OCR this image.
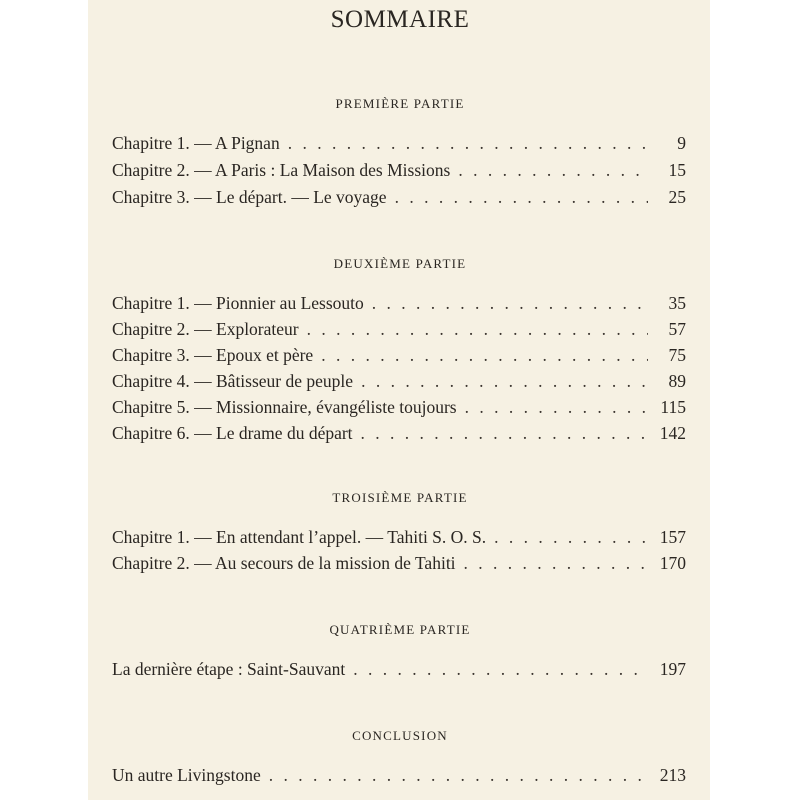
SOMMAIRE
PREMIÈRE PARTIE
Chapitre 1. — A Pignan . . .	9
Chapitre 2. — A Paris : La Maison des Missions . . .	15
Chapitre 3. — Le départ. — Le voyage . . .	25
DEUXIÈME PARTIE
Chapitre 1. — Pionnier au Lessouto . . .	35
Chapitre 2. — Explorateur . . .	57
Chapitre 3. — Epoux et père . . .	75
Chapitre 4. — Bâtisseur de peuple . . .	89
Chapitre 5. — Missionnaire, évangéliste toujours . . .	115
Chapitre 6. — Le drame du départ . . .	142
TROISIÈME PARTIE
Chapitre 1. — En attendant l’appel. — Tahiti S. O. S. . . .	157
Chapitre 2. — Au secours de la mission de Tahiti . . .	170
QUATRIÈME PARTIE
La dernière étape : Saint-Sauvant . . .	197
CONCLUSION
Un autre Livingstone . . .	213
